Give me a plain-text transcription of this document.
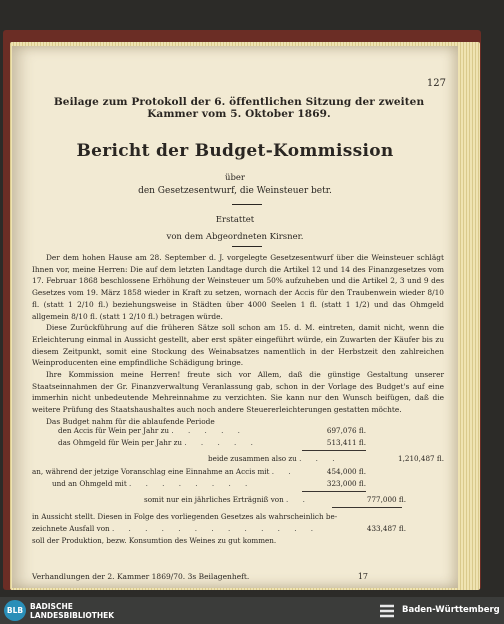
127
Beilage zum Protokoll der 6. öffentlichen Sitzung der zweiten Kammer vom 5. Oktober 1869.
Bericht der Budget-Kommission
über
den Gesetzesentwurf, die Weinsteuer betr.
Erstattet
von dem Abgeordneten Kirsner.

Der dem hohen Hause am 28. September d. J. vorgelegte Gesetzesentwurf über die Weinsteuer schlägt Ihnen vor, meine Herren: Die auf dem letzten Landtage durch die Artikel 12 und 14 des Finanzgesetzes vom 17. Februar 1868 beschlossene Erhöhung der Weinsteuer um 50% aufzuheben und die Artikel 2, 3 und 9 des Gesetzes vom 19. März 1858 wieder in Kraft zu setzen, wornach der Accis für den Traubenwein wieder 8/10 fl. (statt 1 2/10 fl.) beziehungsweise in Städten über 4000 Seelen 1 fl. (statt 1 1/2) und das Ohmgeld allgemein 8/10 fl. (statt 1 2/10 fl.) betragen würde.

Diese Zurückführung auf die früheren Sätze soll schon am 15. d. M. eintreten, damit nicht, wenn die Erleichterung einmal in Aussicht gestellt, aber erst später eingeführt würde, ein Zuwarten der Käufer bis zu diesem Zeitpunkt, somit eine Stockung des Weinabsatzes namentlich in der Herbstzeit den zahlreichen Weinproducenten eine empfindliche Schädigung bringe.

Ihre Kommission meine Herren! freute sich vor Allem, daß die günstige Gestaltung unserer Staatseinnahmen der Gr. Finanzverwaltung Veranlassung gab, schon in der Vorlage des Budget's auf eine immerhin nicht unbedeutende Mehreinnahme zu verzichten. Sie kann nur den Wunsch beifügen, daß die weitere Prüfung des Staatshaushaltes auch noch andere Steuererleichterungen gestatten möchte.

Das Budget nahm für die ablaufende Periode

den Accis für Wein per Jahr zu . . . . .	697,076 fl.
das Ohmgeld für Wein per Jahr zu . . . . .	513,411 fl.
beide zusammen also zu . . .	1,210,487 fl.
an, während der jetzige Voranschlag eine Einnahme an Accis mit . .	454,000 fl.
und an Ohmgeld mit . . . . . . . .	323,000 fl.
somit nur ein jährliches Erträgniß von . .	777,000 fl.
in Aussicht stellt. Diesen in Folge des vorliegenden Gesetzes als wahrscheinlich be-
zeichnete Ausfall von . . . . . . . . . . . . .	433,487 fl.
soll der Produktion, bezw. Konsumtion des Weines zu gut kommen.
Verhandlungen der 2. Kammer 1869/70. 3s Beilagenheft.	17
BLB BADISCHE
LANDESBIBLIOTHEK
Baden-Württemberg
